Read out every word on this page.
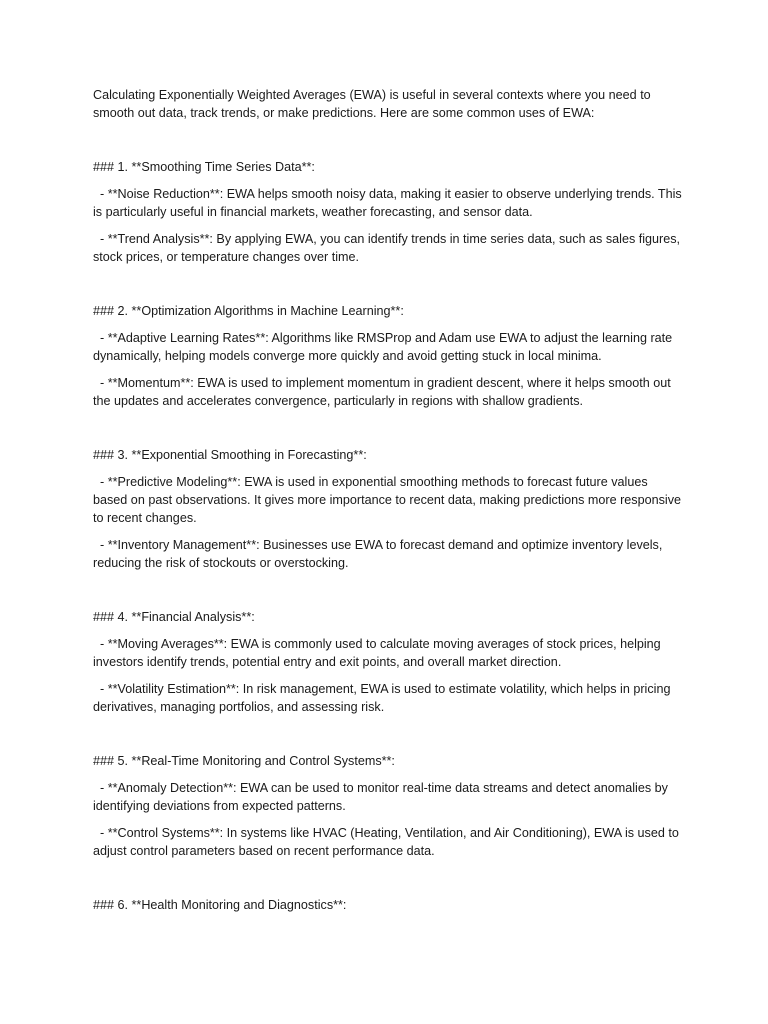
Calculating Exponentially Weighted Averages (EWA) is useful in several contexts where you need to smooth out data, track trends, or make predictions. Here are some common uses of EWA:

### 1. **Smoothing Time Series Data**:

- **Noise Reduction**: EWA helps smooth noisy data, making it easier to observe underlying trends. This is particularly useful in financial markets, weather forecasting, and sensor data.

- **Trend Analysis**: By applying EWA, you can identify trends in time series data, such as sales figures, stock prices, or temperature changes over time.

### 2. **Optimization Algorithms in Machine Learning**:

- **Adaptive Learning Rates**: Algorithms like RMSProp and Adam use EWA to adjust the learning rate dynamically, helping models converge more quickly and avoid getting stuck in local minima.

- **Momentum**: EWA is used to implement momentum in gradient descent, where it helps smooth out the updates and accelerates convergence, particularly in regions with shallow gradients.

### 3. **Exponential Smoothing in Forecasting**:

- **Predictive Modeling**: EWA is used in exponential smoothing methods to forecast future values based on past observations. It gives more importance to recent data, making predictions more responsive to recent changes.

- **Inventory Management**: Businesses use EWA to forecast demand and optimize inventory levels, reducing the risk of stockouts or overstocking.

### 4. **Financial Analysis**:

- **Moving Averages**: EWA is commonly used to calculate moving averages of stock prices, helping investors identify trends, potential entry and exit points, and overall market direction.

- **Volatility Estimation**: In risk management, EWA is used to estimate volatility, which helps in pricing derivatives, managing portfolios, and assessing risk.

### 5. **Real-Time Monitoring and Control Systems**:

- **Anomaly Detection**: EWA can be used to monitor real-time data streams and detect anomalies by identifying deviations from expected patterns.

- **Control Systems**: In systems like HVAC (Heating, Ventilation, and Air Conditioning), EWA is used to adjust control parameters based on recent performance data.

### 6. **Health Monitoring and Diagnostics**:
